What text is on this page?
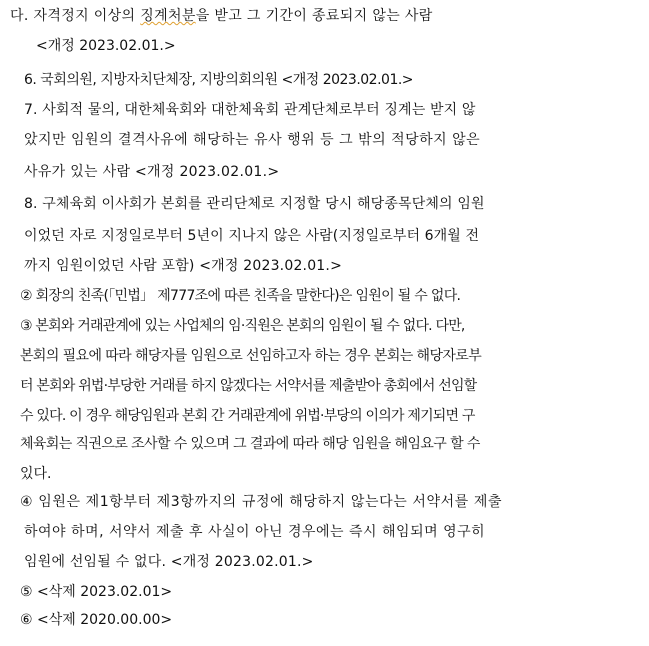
다. 자격정지 이상의 징계처분을 받고 그 기간이 종료되지 않는 사람
<개정 2023.02.01.>
6. 국회의원, 지방자치단체장, 지방의회의원 <개정 2023.02.01.>
7. 사회적 물의, 대한체육회와 대한체육회 관계단체로부터 징계는 받지 않
았지만 임원의 결격사유에 해당하는 유사 행위 등 그 밖의 적당하지 않은
사유가 있는 사람 <개정 2023.02.01.>
8. 구체육회 이사회가 본회를 관리단체로 지정할 당시 해당종목단체의 임원
이었던 자로 지정일로부터 5년이 지나지 않은 사람(지정일로부터 6개월 전
까지 임원이었던 사람 포함) <개정 2023.02.01.>
② 회장의 친족(「민법」 제777조에 따른 친족을 말한다)은 임원이 될 수 없다.
③ 본회와 거래관계에 있는 사업체의 임·직원은 본회의 임원이 될 수 없다. 다만,
본회의 필요에 따라 해당자를 임원으로 선임하고자 하는 경우 본회는 해당자로부
터 본회와 위법·부당한 거래를 하지 않겠다는 서약서를 제출받아 총회에서 선임할
수 있다. 이 경우 해당임원과 본회 간 거래관계에 위법·부당의 이의가 제기되면 구
체육회는 직권으로 조사할 수 있으며 그 결과에 따라 해당 임원을 해임요구 할 수
있다.
④ 임원은 제1항부터 제3항까지의 규정에 해당하지 않는다는 서약서를 제출
하여야 하며, 서약서 제출 후 사실이 아닌 경우에는 즉시 해임되며 영구히
임원에 선임될 수 없다. <개정 2023.02.01.>
⑤ <삭제 2023.02.01>
⑥ <삭제 2020.00.00>
